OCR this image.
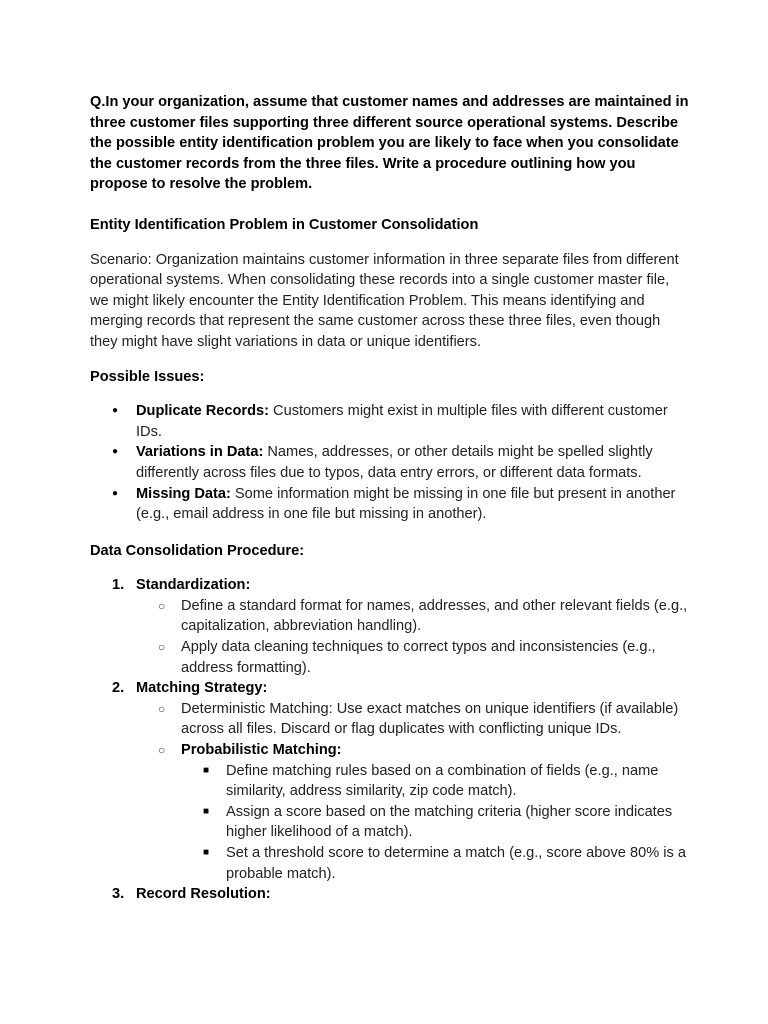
Q.In your organization, assume that customer names and addresses are maintained in three customer files supporting three different source operational systems. Describe the possible entity identification problem you are likely to face when you consolidate the customer records from the three files. Write a procedure outlining how you propose to resolve the problem.

Entity Identification Problem in Customer Consolidation

Scenario: Organization maintains customer information in three separate files from different operational systems. When consolidating these records into a single customer master file, we might likely encounter the Entity Identification Problem. This means identifying and merging records that represent the same customer across these three files, even though they might have slight variations in data or unique identifiers.

Possible Issues:

● Duplicate Records: Customers might exist in multiple files with different customer IDs.
● Variations in Data: Names, addresses, or other details might be spelled slightly differently across files due to typos, data entry errors, or different data formats.
● Missing Data: Some information might be missing in one file but present in another (e.g., email address in one file but missing in another).

Data Consolidation Procedure:

1. Standardization:
○ Define a standard format for names, addresses, and other relevant fields (e.g., capitalization, abbreviation handling).
○ Apply data cleaning techniques to correct typos and inconsistencies (e.g., address formatting).
2. Matching Strategy:
○ Deterministic Matching: Use exact matches on unique identifiers (if available) across all files. Discard or flag duplicates with conflicting unique IDs.
○ Probabilistic Matching:
■ Define matching rules based on a combination of fields (e.g., name similarity, address similarity, zip code match).
■ Assign a score based on the matching criteria (higher score indicates higher likelihood of a match).
■ Set a threshold score to determine a match (e.g., score above 80% is a probable match).
3. Record Resolution:
